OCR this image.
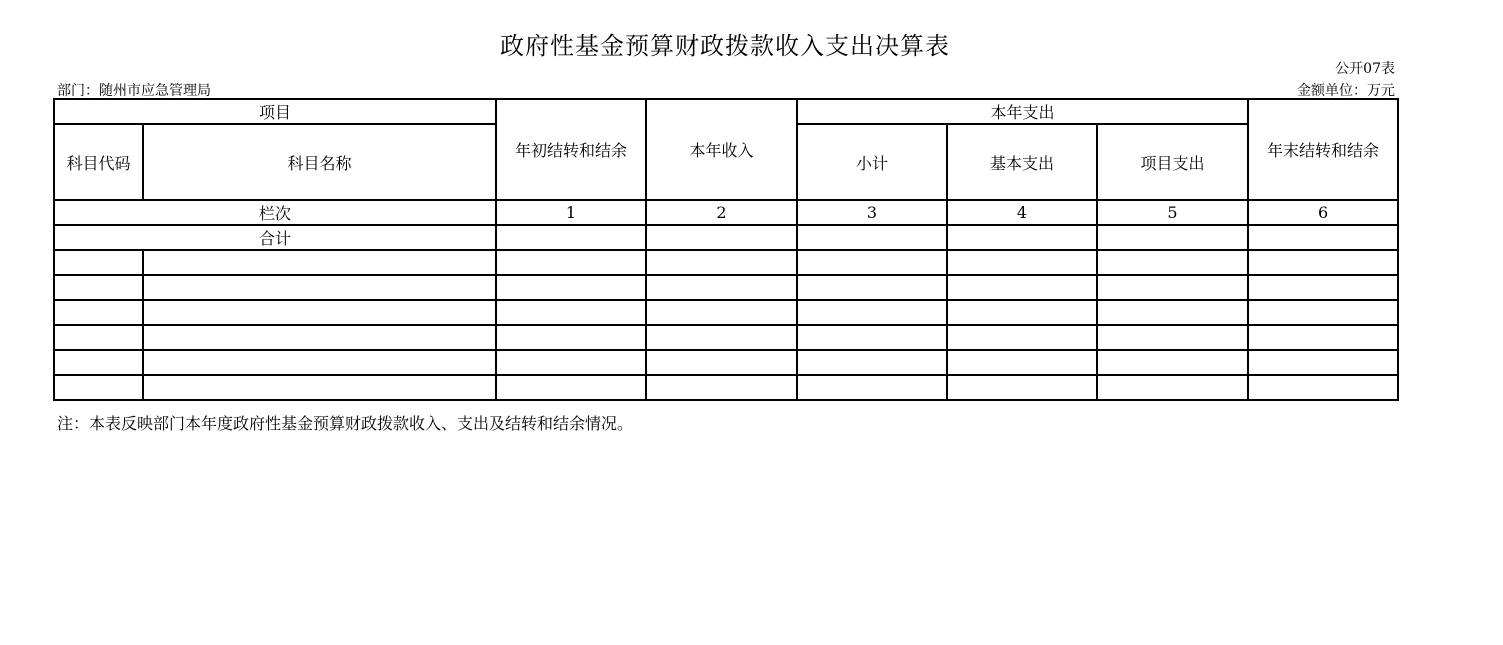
政府性基金预算财政拨款收入支出决算表
公开07表
部门：随州市应急管理局	金额单位：万元
项目		年初结转和结余	本年收入	本年支出			年末结转和结余
科目代码	科目名称			小计	基本支出	项目支出	
栏次		1	2	3	4	5	6
合计							

注：本表反映部门本年度政府性基金预算财政拨款收入、支出及结转和结余情况。
